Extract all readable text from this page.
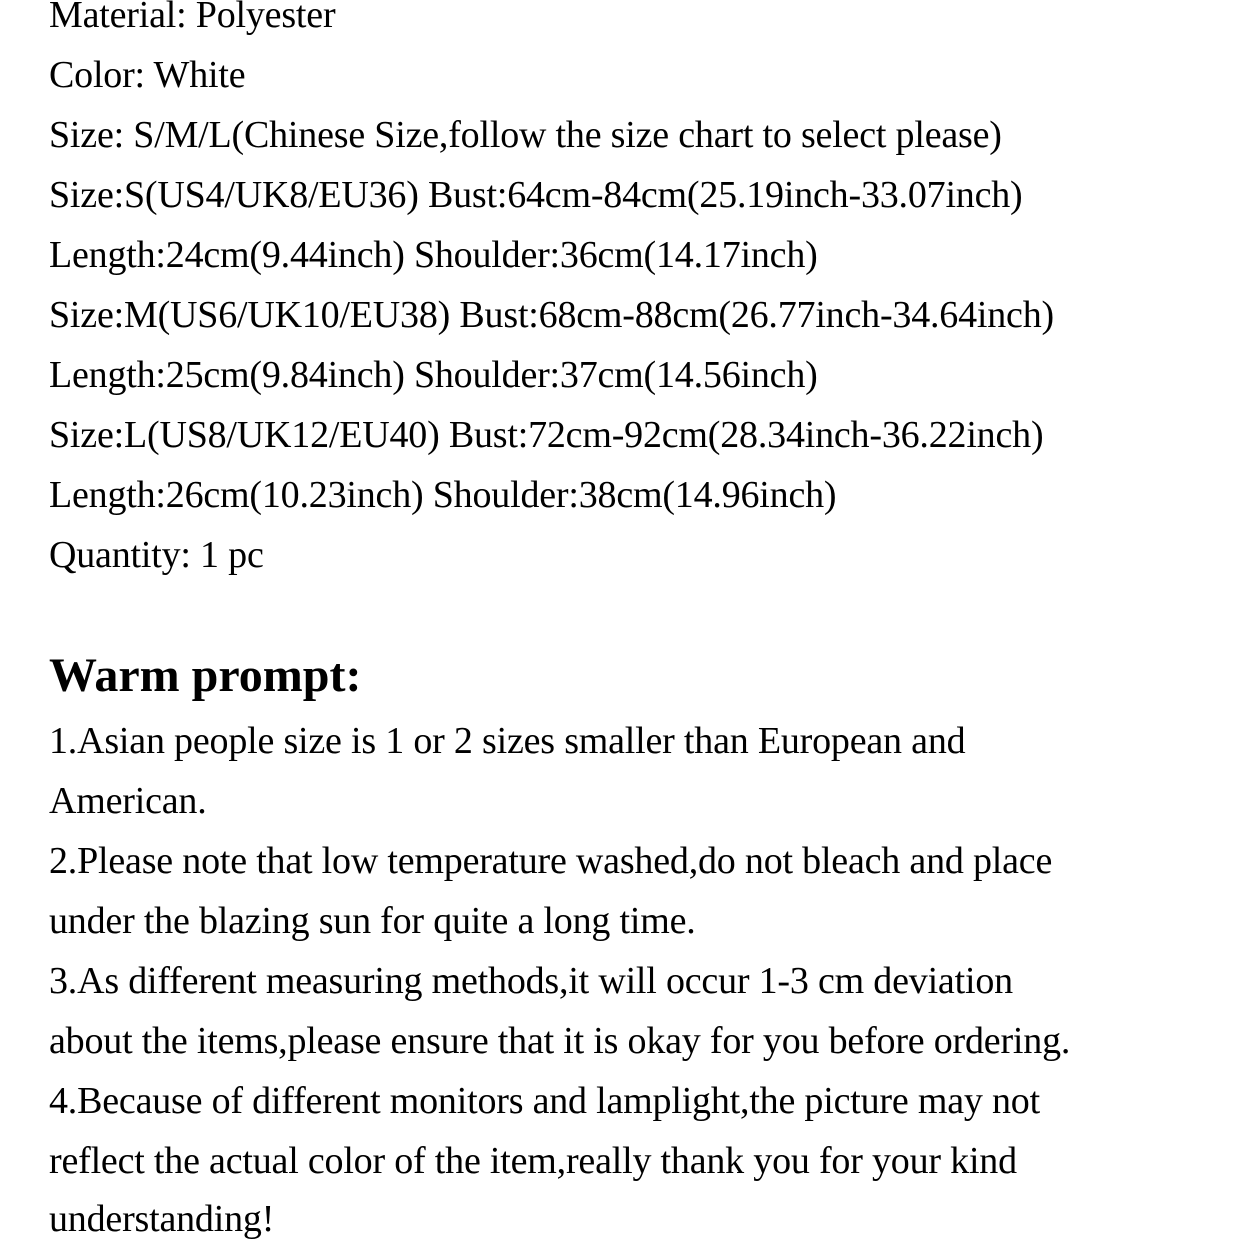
Material: Polyester
Color: White
Size: S/M/L(Chinese Size,follow the size chart to select please)
Size:S(US4/UK8/EU36) Bust:64cm-84cm(25.19inch-33.07inch)
Length:24cm(9.44inch) Shoulder:36cm(14.17inch)
Size:M(US6/UK10/EU38) Bust:68cm-88cm(26.77inch-34.64inch)
Length:25cm(9.84inch) Shoulder:37cm(14.56inch)
Size:L(US8/UK12/EU40) Bust:72cm-92cm(28.34inch-36.22inch)
Length:26cm(10.23inch) Shoulder:38cm(14.96inch)
Quantity: 1 pc
Warm prompt:
1.Asian people size is 1 or 2 sizes smaller than European and
American.
2.Please note that low temperature washed,do not bleach and place
under the blazing sun for quite a long time.
3.As different measuring methods,it will occur 1-3 cm deviation
about the items,please ensure that it is okay for you before ordering.
4.Because of different monitors and lamplight,the picture may not
reflect the actual color of the item,really thank you for your kind
understanding!
